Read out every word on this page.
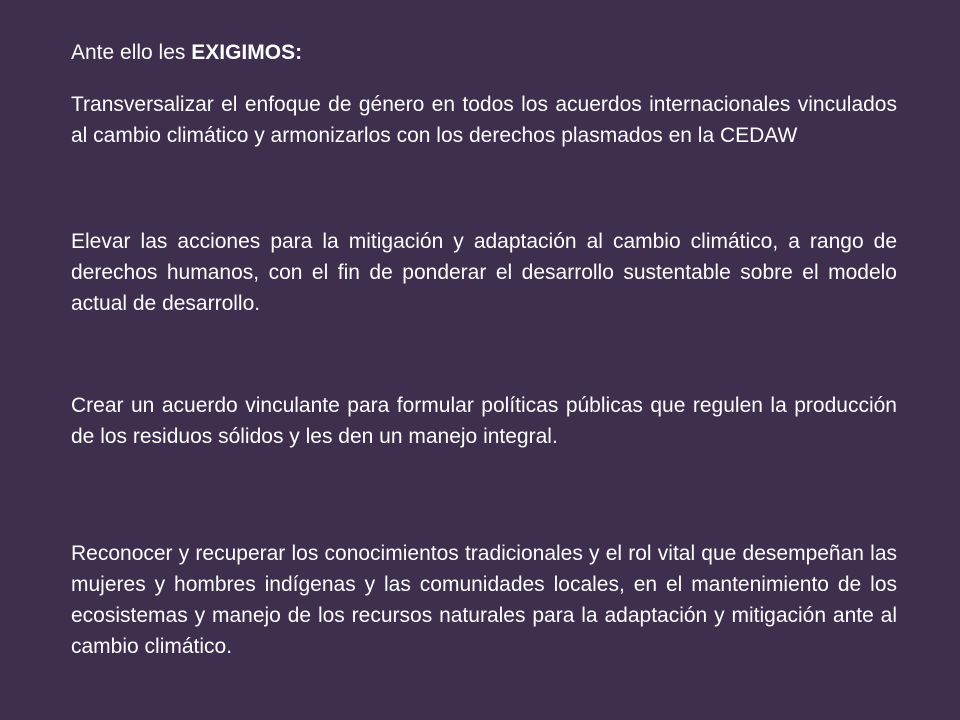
Ante ello les EXIGIMOS:

Transversalizar el enfoque de género en todos los acuerdos internacionales vinculados al cambio climático y armonizarlos con los derechos plasmados en la CEDAW

Elevar las acciones para la mitigación y adaptación al cambio climático, a rango de derechos humanos, con el fin de ponderar el desarrollo sustentable sobre el modelo actual de desarrollo.

Crear un acuerdo vinculante para formular políticas públicas que regulen la producción de los residuos sólidos y les den un manejo integral.

Reconocer y recuperar los conocimientos tradicionales y el rol vital que desempeñan las mujeres y hombres indígenas y las comunidades locales, en el mantenimiento de los ecosistemas y manejo de los recursos naturales para la adaptación y mitigación ante al cambio climático.
